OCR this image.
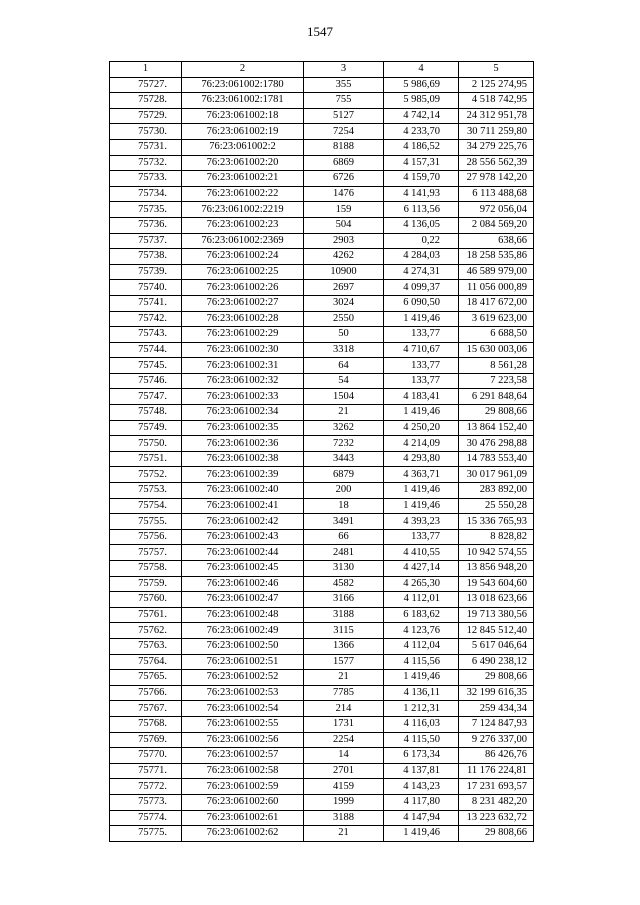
1547
1	2	3	4	5
75727.	76:23:061002:1780	355	5 986,69	2 125 274,95
75728.	76:23:061002:1781	755	5 985,09	4 518 742,95
75729.	76:23:061002:18	5127	4 742,14	24 312 951,78
75730.	76:23:061002:19	7254	4 233,70	30 711 259,80
75731.	76:23:061002:2	8188	4 186,52	34 279 225,76
75732.	76:23:061002:20	6869	4 157,31	28 556 562,39
75733.	76:23:061002:21	6726	4 159,70	27 978 142,20
75734.	76:23:061002:22	1476	4 141,93	6 113 488,68
75735.	76:23:061002:2219	159	6 113,56	972 056,04
75736.	76:23:061002:23	504	4 136,05	2 084 569,20
75737.	76:23:061002:2369	2903	0,22	638,66
75738.	76:23:061002:24	4262	4 284,03	18 258 535,86
75739.	76:23:061002:25	10900	4 274,31	46 589 979,00
75740.	76:23:061002:26	2697	4 099,37	11 056 000,89
75741.	76:23:061002:27	3024	6 090,50	18 417 672,00
75742.	76:23:061002:28	2550	1 419,46	3 619 623,00
75743.	76:23:061002:29	50	133,77	6 688,50
75744.	76:23:061002:30	3318	4 710,67	15 630 003,06
75745.	76:23:061002:31	64	133,77	8 561,28
75746.	76:23:061002:32	54	133,77	7 223,58
75747.	76:23:061002:33	1504	4 183,41	6 291 848,64
75748.	76:23:061002:34	21	1 419,46	29 808,66
75749.	76:23:061002:35	3262	4 250,20	13 864 152,40
75750.	76:23:061002:36	7232	4 214,09	30 476 298,88
75751.	76:23:061002:38	3443	4 293,80	14 783 553,40
75752.	76:23:061002:39	6879	4 363,71	30 017 961,09
75753.	76:23:061002:40	200	1 419,46	283 892,00
75754.	76:23:061002:41	18	1 419,46	25 550,28
75755.	76:23:061002:42	3491	4 393,23	15 336 765,93
75756.	76:23:061002:43	66	133,77	8 828,82
75757.	76:23:061002:44	2481	4 410,55	10 942 574,55
75758.	76:23:061002:45	3130	4 427,14	13 856 948,20
75759.	76:23:061002:46	4582	4 265,30	19 543 604,60
75760.	76:23:061002:47	3166	4 112,01	13 018 623,66
75761.	76:23:061002:48	3188	6 183,62	19 713 380,56
75762.	76:23:061002:49	3115	4 123,76	12 845 512,40
75763.	76:23:061002:50	1366	4 112,04	5 617 046,64
75764.	76:23:061002:51	1577	4 115,56	6 490 238,12
75765.	76:23:061002:52	21	1 419,46	29 808,66
75766.	76:23:061002:53	7785	4 136,11	32 199 616,35
75767.	76:23:061002:54	214	1 212,31	259 434,34
75768.	76:23:061002:55	1731	4 116,03	7 124 847,93
75769.	76:23:061002:56	2254	4 115,50	9 276 337,00
75770.	76:23:061002:57	14	6 173,34	86 426,76
75771.	76:23:061002:58	2701	4 137,81	11 176 224,81
75772.	76:23:061002:59	4159	4 143,23	17 231 693,57
75773.	76:23:061002:60	1999	4 117,80	8 231 482,20
75774.	76:23:061002:61	3188	4 147,94	13 223 632,72
75775.	76:23:061002:62	21	1 419,46	29 808,66
